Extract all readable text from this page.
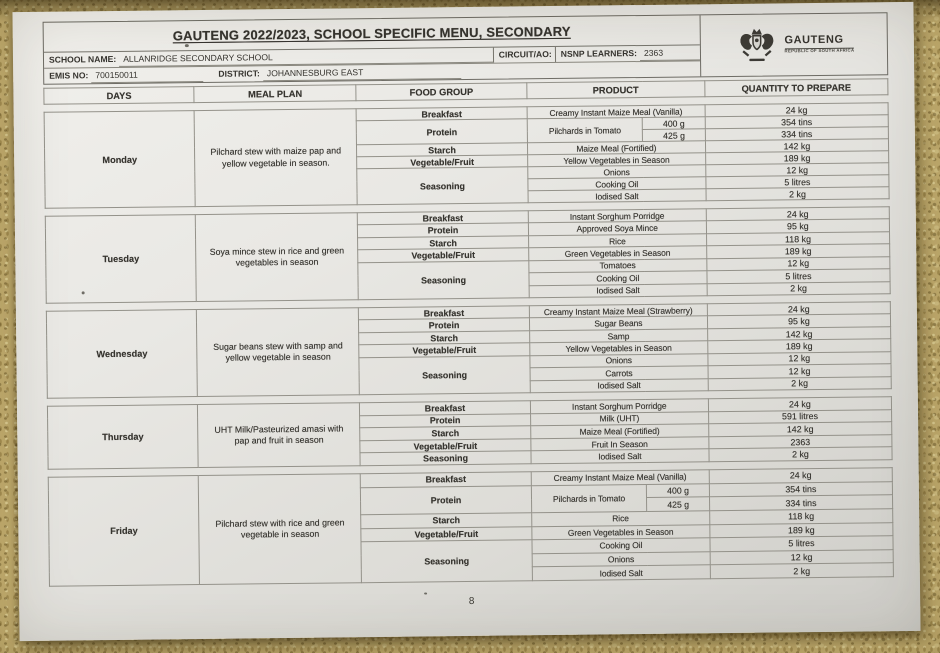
GAUTENG 2022/2023, SCHOOL SPECIFIC MENU, SECONDARY
SCHOOL NAME: ALLANRIDGE SECONDARY SCHOOL	CIRCUIT/AO:	NSNP LEARNERS: 2363
EMIS NO: 700150011	DISTRICT: JOHANNESBURG EAST
GAUTENG
REPUBLIC OF SOUTH AFRICA
DAYS	MEAL PLAN	FOOD GROUP	PRODUCT	QUANTITY TO PREPARE
Monday	Pilchard stew with maize pap and yellow vegetable in season.	Breakfast	Creamy Instant Maize Meal (Vanilla)		24 kg
		Protein	Pilchards in Tomato	400 g	354 tins
				425 g	334 tins
		Starch	Maize Meal (Fortified)		142 kg
		Vegetable/Fruit	Yellow Vegetables in Season		189 kg
		Seasoning	Onions		12 kg
			Cooking Oil		5 litres
			Iodised Salt		2 kg
Tuesday	Soya mince stew in rice and green vegetables in season	Breakfast	Instant Sorghum Porridge	24 kg
		Protein	Approved Soya Mince	95 kg
		Starch	Rice	118 kg
		Vegetable/Fruit	Green Vegetables in Season	189 kg
		Seasoning	Tomatoes	12 kg
			Cooking Oil	5 litres
			Iodised Salt	2 kg
Wednesday	Sugar beans stew with samp and yellow vegetable in season	Breakfast	Creamy Instant Maize Meal (Strawberry)	24 kg
		Protein	Sugar Beans	95 kg
		Starch	Samp	142 kg
		Vegetable/Fruit	Yellow Vegetables in Season	189 kg
		Seasoning	Onions	12 kg
			Carrots	12 kg
			Iodised Salt	2 kg
Thursday	UHT Milk/Pasteurized amasi with pap and fruit in season	Breakfast	Instant Sorghum Porridge	24 kg
		Protein	Milk (UHT)	591 litres
		Starch	Maize Meal (Fortified)	142 kg
		Vegetable/Fruit	Fruit In Season	2363
		Seasoning	Iodised Salt	2 kg
Friday	Pilchard stew with rice and green vegetable in season	Breakfast	Creamy Instant Maize Meal (Vanilla)		24 kg
		Protein	Pilchards in Tomato	400 g	354 tins
				425 g	334 tins
		Starch	Rice		118 kg
		Vegetable/Fruit	Green Vegetables in Season		189 kg
		Seasoning	Cooking Oil		5 litres
			Onions		12 kg
			Iodised Salt		2 kg
8
